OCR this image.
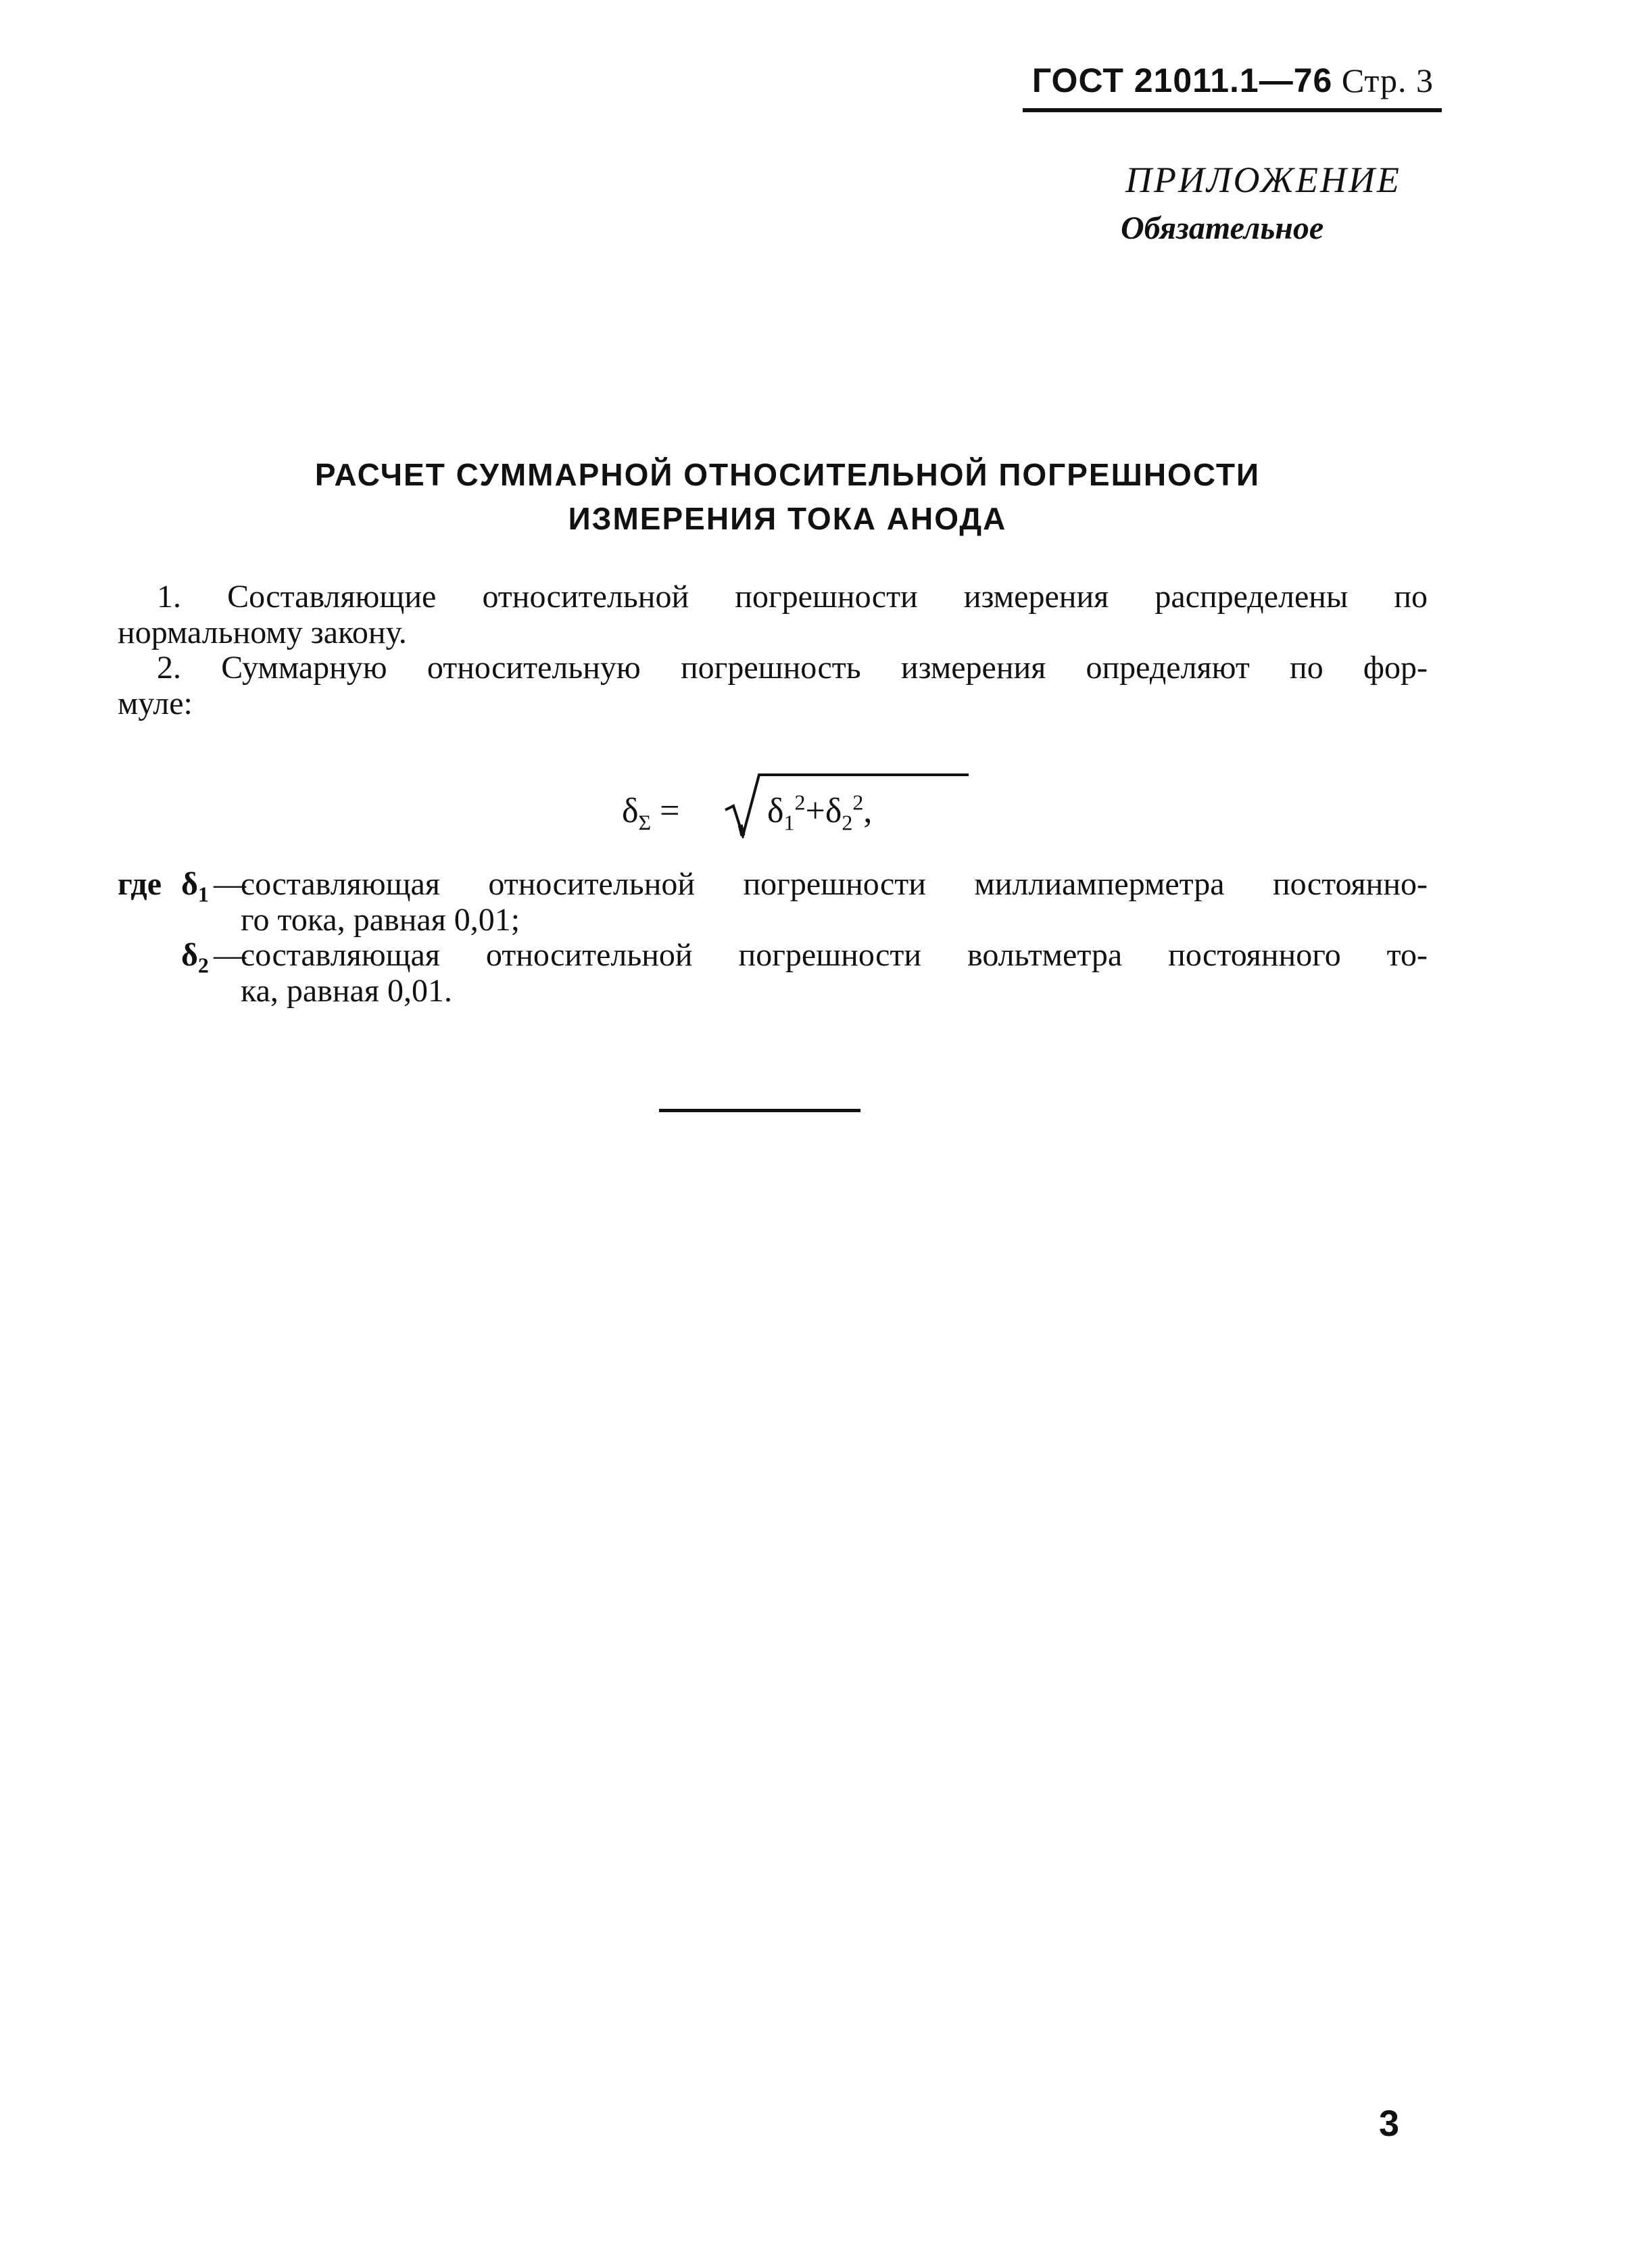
ГОСТ 21011.1—76 Стр. 3
ПРИЛОЖЕНИЕ
Обязательное
РАСЧЕТ СУММАРНОЙ ОТНОСИТЕЛЬНОЙ ПОГРЕШНОСТИ
ИЗМЕРЕНИЯ ТОКА АНОДА
1. Составляющие относительной погрешности измерения распределены по
нормальному закону.
2. Суммарную относительную погрешность измерения определяют по фор-
муле:
$\delta_\Sigma = \delta_1^2+\delta_2^2$,
где $\delta_1$ —
составляющая относительной погрешности миллиамперметра постоянно-
го тока, равная 0,01;
$\delta_2$ —
составляющая относительной погрешности вольтметра постоянного то-
ка, равная 0,01.
3
